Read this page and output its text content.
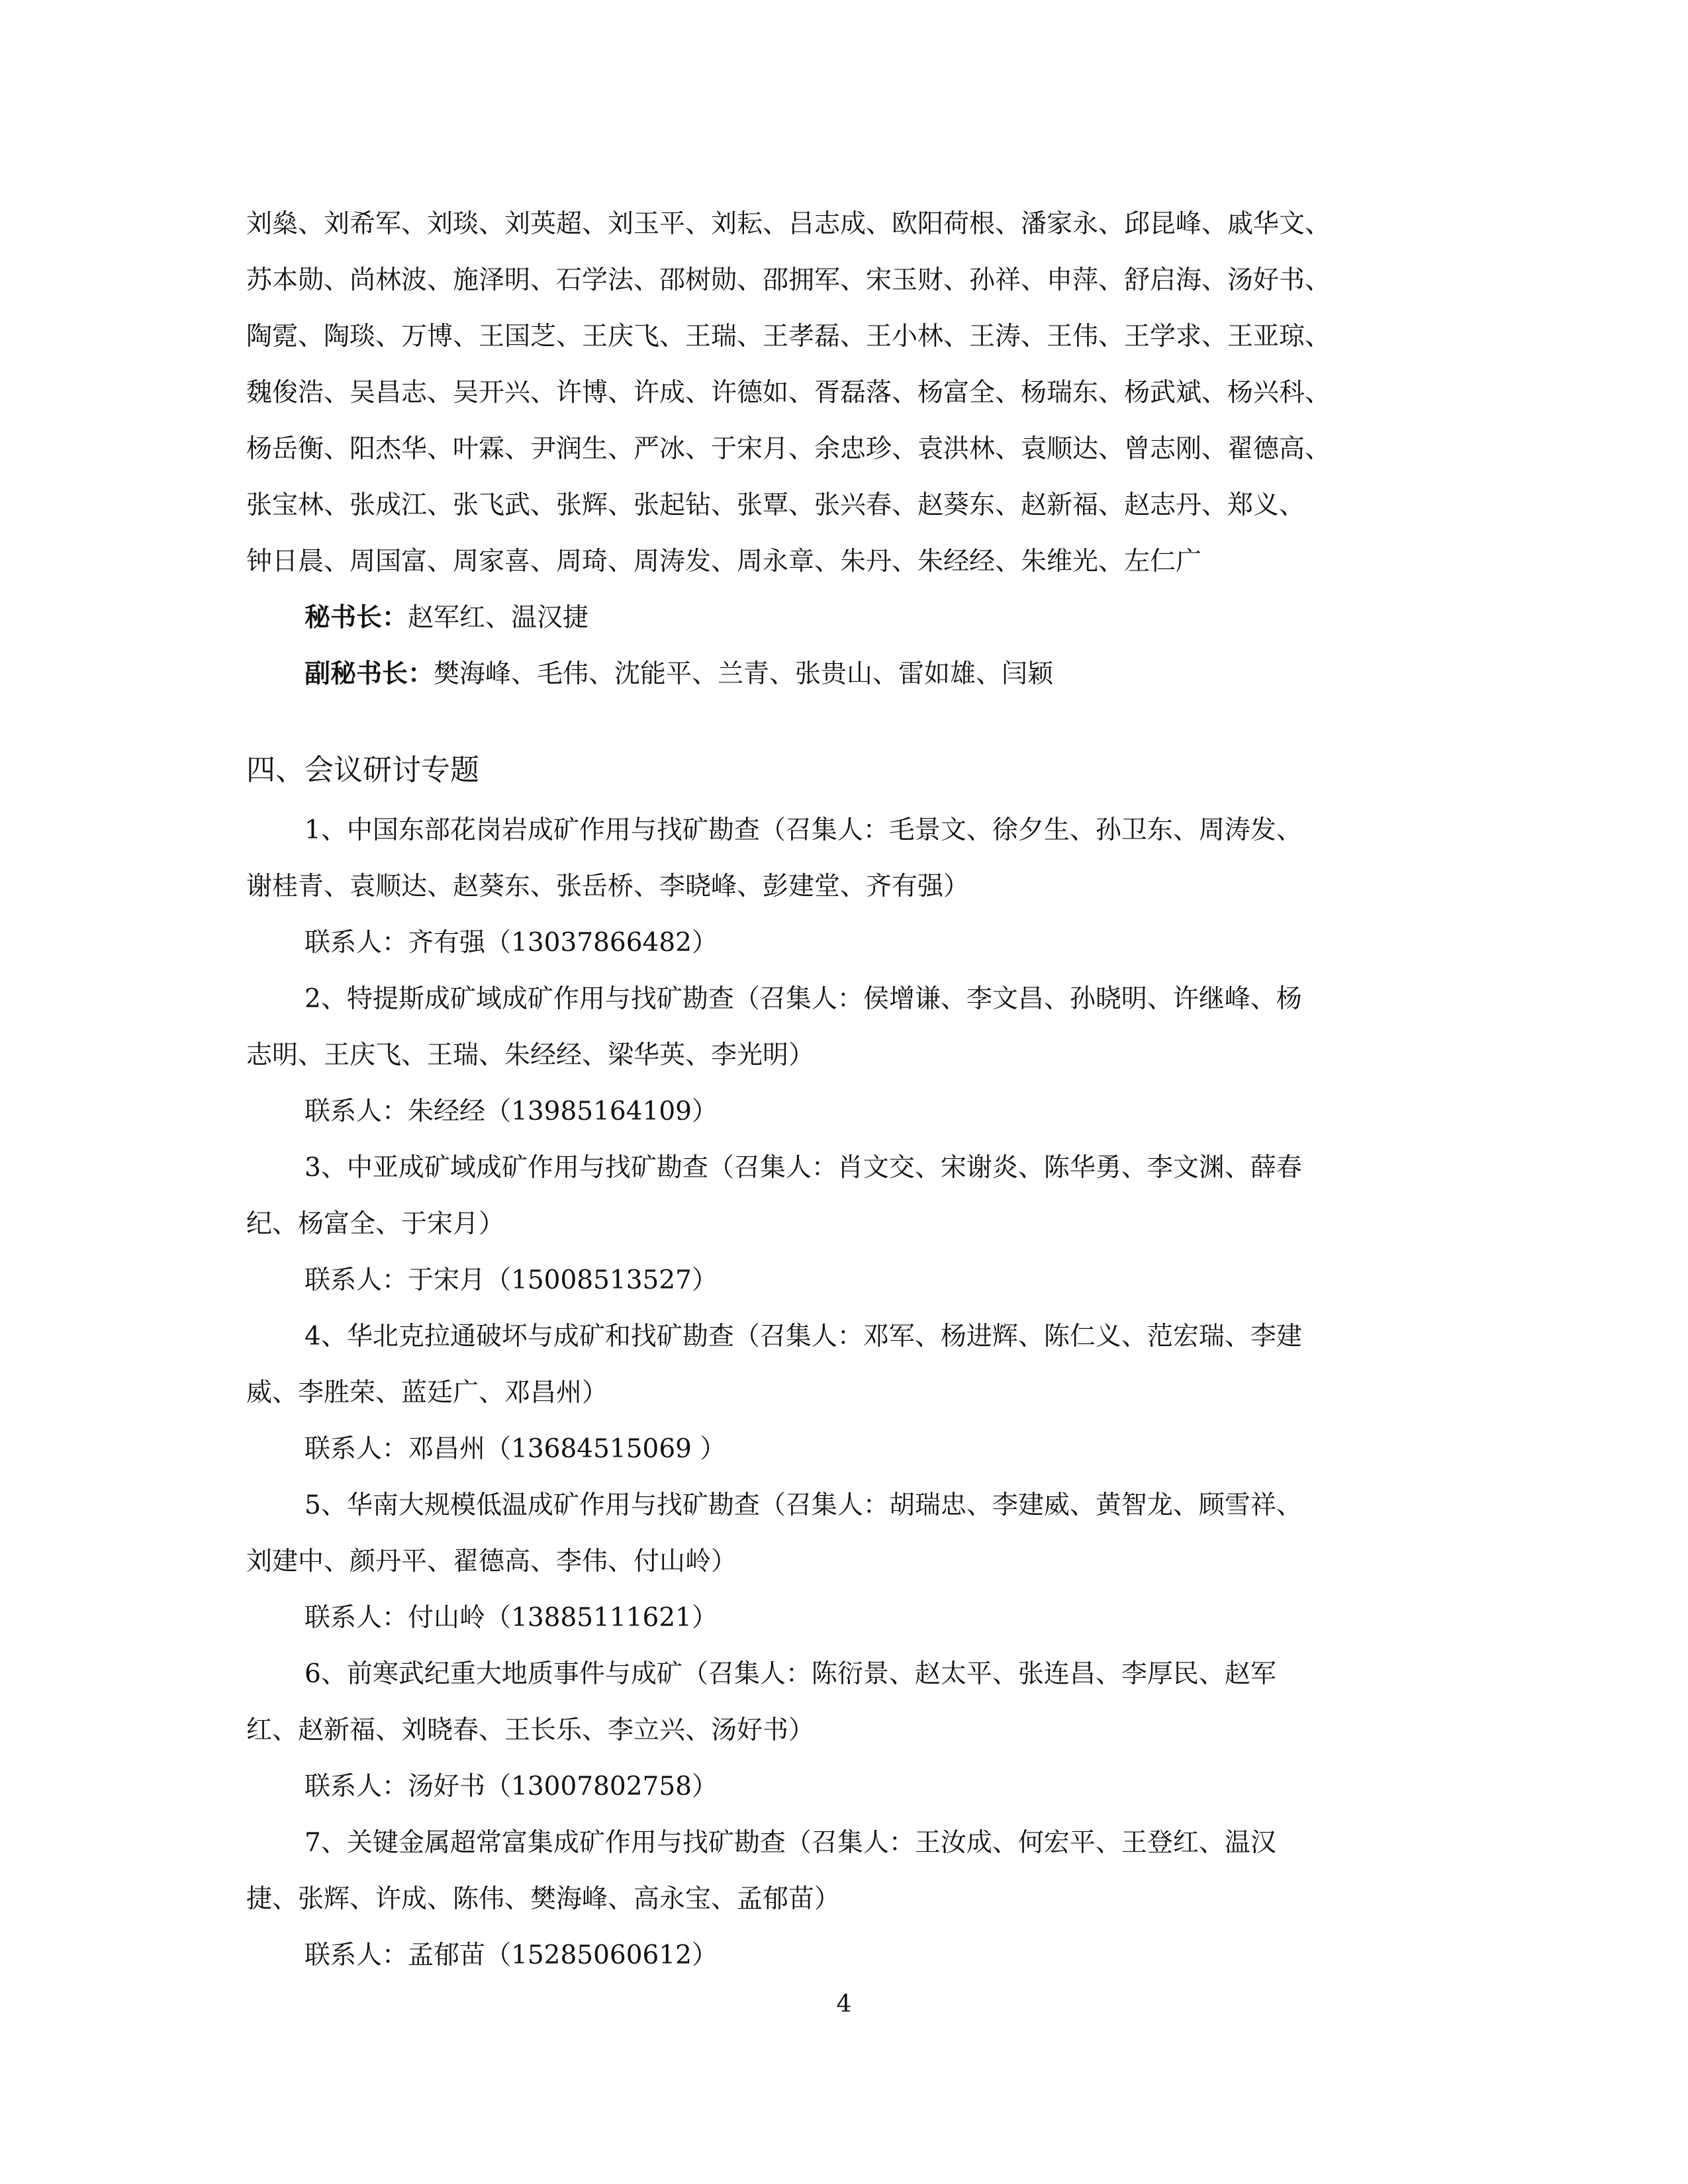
刘燊、刘希军、刘琰、刘英超、刘玉平、刘耘、吕志成、欧阳荷根、潘家永、邱昆峰、戚华文、
苏本勋、尚林波、施泽明、石学法、邵树勋、邵拥军、宋玉财、孙祥、申萍、舒启海、汤好书、
陶霓、陶琰、万博、王国芝、王庆飞、王瑞、王孝磊、王小林、王涛、王伟、王学求、王亚琼、
魏俊浩、吴昌志、吴开兴、许博、许成、许德如、胥磊落、杨富全、杨瑞东、杨武斌、杨兴科、
杨岳衡、阳杰华、叶霖、尹润生、严冰、于宋月、余忠珍、袁洪林、袁顺达、曾志刚、翟德高、
张宝林、张成江、张飞武、张辉、张起钻、张覃、张兴春、赵葵东、赵新福、赵志丹、郑义、
钟日晨、周国富、周家喜、周琦、周涛发、周永章、朱丹、朱经经、朱维光、左仁广
秘书长：赵军红、温汉捷
副秘书长：樊海峰、毛伟、沈能平、兰青、张贵山、雷如雄、闫颖
四、会议研讨专题
1、中国东部花岗岩成矿作用与找矿勘查（召集人：毛景文、徐夕生、孙卫东、周涛发、
谢桂青、袁顺达、赵葵东、张岳桥、李晓峰、彭建堂、齐有强）
联系人：齐有强（13037866482）
2、特提斯成矿域成矿作用与找矿勘查（召集人：侯增谦、李文昌、孙晓明、许继峰、杨
志明、王庆飞、王瑞、朱经经、梁华英、李光明）
联系人：朱经经（13985164109）
3、中亚成矿域成矿作用与找矿勘查（召集人：肖文交、宋谢炎、陈华勇、李文渊、薛春
纪、杨富全、于宋月）
联系人：于宋月（15008513527）
4、华北克拉通破坏与成矿和找矿勘查（召集人：邓军、杨进辉、陈仁义、范宏瑞、李建
威、李胜荣、蓝廷广、邓昌州）
联系人：邓昌州（13684515069 ）
5、华南大规模低温成矿作用与找矿勘查（召集人：胡瑞忠、李建威、黄智龙、顾雪祥、
刘建中、颜丹平、翟德高、李伟、付山岭）
联系人：付山岭（13885111621）
6、前寒武纪重大地质事件与成矿（召集人：陈衍景、赵太平、张连昌、李厚民、赵军
红、赵新福、刘晓春、王长乐、李立兴、汤好书）
联系人：汤好书（13007802758）
7、关键金属超常富集成矿作用与找矿勘查（召集人：王汝成、何宏平、王登红、温汉
捷、张辉、许成、陈伟、樊海峰、高永宝、孟郁苗）
联系人：孟郁苗（15285060612）
4
